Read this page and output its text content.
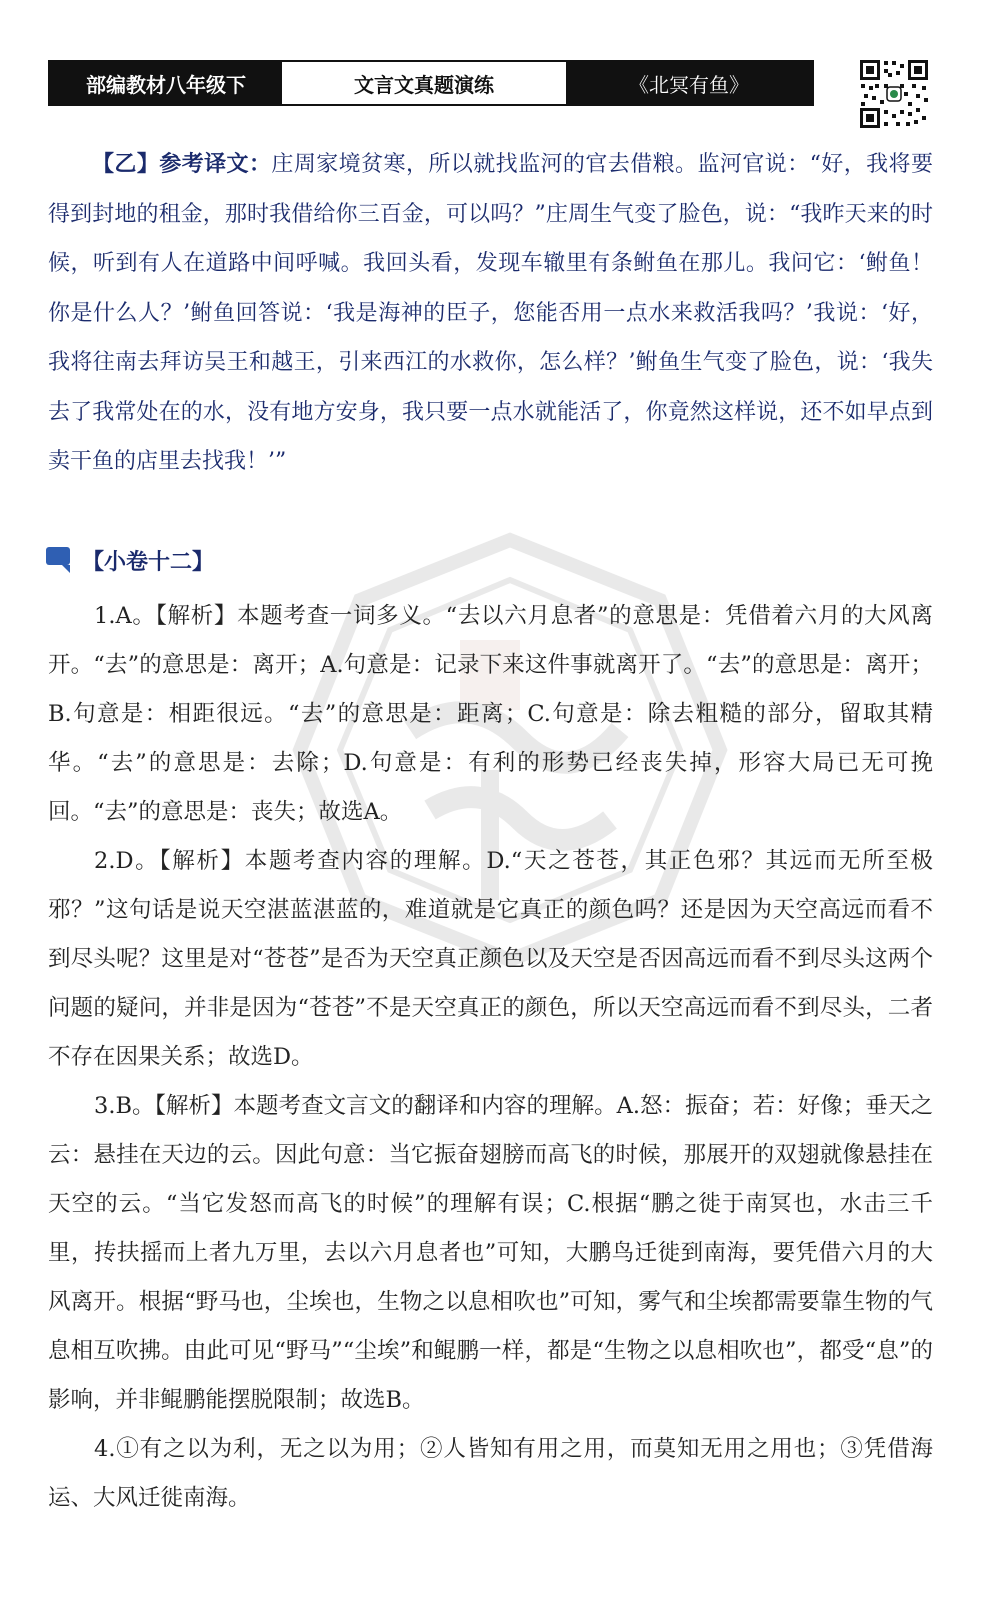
部编教材八年级下	文言文真题演练	《北冥有鱼》

【乙】参考译文：庄周家境贫寒，所以就找监河的官去借粮。监河官说：“好，我将要得到封地的租金，那时我借给你三百金，可以吗？”庄周生气变了脸色，说：“我昨天来的时候，听到有人在道路中间呼喊。我回头看，发现车辙里有条鲋鱼在那儿。我问它：‘鲋鱼！你是什么人？’鲋鱼回答说：‘我是海神的臣子，您能否用一点水来救活我吗？’我说：‘好，我将往南去拜访吴王和越王，引来西江的水救你，怎么样？’鲋鱼生气变了脸色，说：‘我失去了我常处在的水，没有地方安身，我只要一点水就能活了，你竟然这样说，还不如早点到卖干鱼的店里去找我！’”

【小卷十二】

1.A。【解析】本题考查一词多义。“去以六月息者”的意思是：凭借着六月的大风离开。“去”的意思是：离开；A.句意是：记录下来这件事就离开了。“去”的意思是：离开；B.句意是：相距很远。“去”的意思是：距离；C.句意是：除去粗糙的部分，留取其精华。“去”的意思是：去除；D.句意是：有利的形势已经丧失掉，形容大局已无可挽回。“去”的意思是：丧失；故选A。

2.D。【解析】本题考查内容的理解。D.“天之苍苍，其正色邪？其远而无所至极邪？”这句话是说天空湛蓝湛蓝的，难道就是它真正的颜色吗？还是因为天空高远而看不到尽头呢？这里是对“苍苍”是否为天空真正颜色以及天空是否因高远而看不到尽头这两个问题的疑问，并非是因为“苍苍”不是天空真正的颜色，所以天空高远而看不到尽头，二者不存在因果关系；故选D。

3.B。【解析】本题考查文言文的翻译和内容的理解。A.怒：振奋；若：好像；垂天之云：悬挂在天边的云。因此句意：当它振奋翅膀而高飞的时候，那展开的双翅就像悬挂在天空的云。“当它发怒而高飞的时候”的理解有误；C.根据“鹏之徙于南冥也，水击三千里，抟扶摇而上者九万里，去以六月息者也”可知，大鹏鸟迁徙到南海，要凭借六月的大风离开。根据“野马也，尘埃也，生物之以息相吹也”可知，雾气和尘埃都需要靠生物的气息相互吹拂。由此可见“野马”“尘埃”和鲲鹏一样，都是“生物之以息相吹也”，都受“息”的影响，并非鲲鹏能摆脱限制；故选B。

4.①有之以为利，无之以为用；②人皆知有用之用，而莫知无用之用也；③凭借海运、大风迁徙南海。
